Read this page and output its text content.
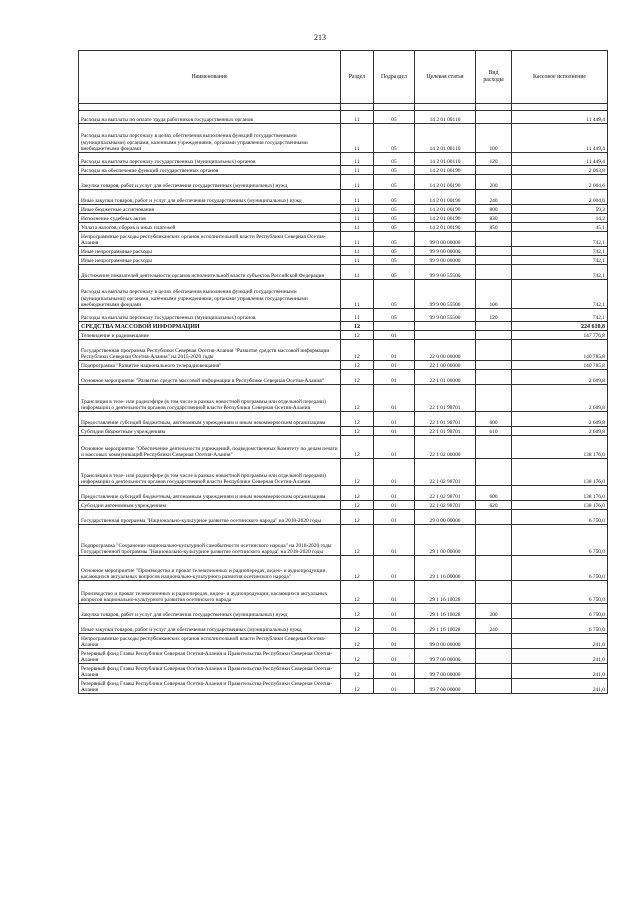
213
Наименование	Раздел	Подраздел	Целевая статья	Вид расходы	Кассовое исполнение

Расходы на выплаты по оплате труда работников государственных органов	11	05	14 2 01 00110		11 449,4
Расходы на выплаты персоналу в целях обеспечения выполнения функций государственными (муниципальными) органами, казенными учреждениями, органами управления государственными внебюджетными фондами	11	05	14 2 01 00110	100	11 449,4
Расходы на выплаты персоналу государственных (муниципальных) органов	11	05	14 2 01 00110	120	11 449,4
Расходы на обеспечение функций государственных органов	11	05	14 2 01 00190		2 063,8
Закупка товаров, работ и услуг для обеспечения государственных (муниципальных) нужд	11	05	14 2 01 00190	200	2 004,6
Иные закупки товаров, работ и услуг для обеспечения государственных (муниципальных) нужд	11	05	14 2 01 00190	240	2 004,6
Иные бюджетные ассигнования	11	05	14 2 01 00190	800	59,2
Исполнение судебных актов	11	05	14 2 01 00190	830	14,2
Уплата налогов, сборов и иных платежей	11	05	14 2 01 00190	850	45,1
Непрограммные расходы республиканских органов исполнительной власти Республики Северная Осетия-Алания	11	05	99 0 00 00000		742,1
Иные непрограммные расходы	11	05	99 9 00 00000		742,1
Иные непрограммные расходы	11	05	99 9 00 00000		742,1
Достижение показателей деятельности органов исполнительной власти субъектов Российской Федерации	11	05	99 9 00 55500		742,1
Расходы на выплаты персоналу в целях обеспечения выполнения функций государственными (муниципальными) органами, казенными учреждениями, органами управления государственными внебюджетными фондами	11	05	99 9 00 55500	100	742,1
Расходы на выплаты персоналу государственных (муниципальных) органов	11	05	99 9 00 55500	120	742,1
СРЕДСТВА МАССОВОЙ ИНФОРМАЦИИ	12				224 610,8
Телевидение и радиовещание	12	01			147 776,8
Государственная программа Республики Северная Осетия-Алания "Развитие средств массовой информации Республики Северная Осетия-Алания" на 2015-2020 годы	12	01	22 0 00 00000		140 785,8
Подпрограмма "Развитие национального телерадиовещания"	12	01	22 1 00 00000		140 785,8
Основное мероприятие "Развитие средств массовой информации в Республике Северная Осетия-Алания"	12	01	22 1 01 00000		2 609,8
Трансляция в теле- или радиоэфире (в том числе в рамках новостной программы или отдельной передачи) информации о деятельности органов государственной власти Республики Северная Осетия-Алания	12	01	22 1 01 98701		2 609,8
Предоставление субсидий бюджетным, автономным учреждениям и иным некоммерческим организациям	12	01	22 1 01 98701	600	2 609,8
Субсидии бюджетным учреждениям	12	01	22 1 01 98701	610	2 609,8
Основное мероприятие "Обеспечение деятельности учреждений, подведомственных Комитету по делам печати и массовых коммуникаций Республики Северная Осетия-Алания"	12	01	22 1 02 00000		138 176,0
Трансляция в теле- или радиоэфире (в том числе в рамках новостной программы или отдельной передачи) информации о деятельности органов государственной власти Республики Северная Осетия-Алания	12	01	22 1 02 98701		138 176,0
Предоставление субсидий бюджетным, автономным учреждениям и иным некоммерческим организациям	12	01	22 1 02 98701	600	138 176,0
Субсидии автономным учреждениям	12	01	22 1 02 98701	620	138 176,0
Государственная программа "Национально-культурное развитие осетинского народа" на 2018-2020 годы	12	01	29 0 00 00000		6 750,0
Подпрограмма "Сохранение национально-культурной самобытности осетинского народа" на 2018-2020 годы Государственной программы "Национально-культурное развитие осетинского народа" на 2018-2020 годы	12	01	29 1 00 00000		6 750,0
Основное мероприятие "Производство и прокат телевизионных и радиопередач, видео- и аудиопродукции, касающихся актуальных вопросов национально-культурного развития осетинского народа"	12	01	29 1 16 00000		6 750,0
Производство и прокат телевизионных и радиопередач, видео- и аудиопродукции, касающихся актуальных вопросов национально-культурного развития осетинского народа	12	01	29 1 16 10028		6 750,0
Закупка товаров, работ и услуг для обеспечения государственных (муниципальных) нужд	12	01	29 1 16 10028	200	6 750,0
Иные закупки товаров, работ и услуг для обеспечения государственных (муниципальных) нужд	12	01	29 1 16 10028	240	6 750,0
Непрограммные расходы республиканских органов исполнительной власти Республики Северная Осетия-Алания	12	01	99 0 00 00000		241,0
Резервный фонд Главы Республики Северная Осетия-Алания и Правительства Республики Северная Осетия-Алания	12	01	99 7 00 00000		241,0
Резервный фонд Главы Республики Северная Осетия-Алания и Правительства Республики Северная Осетия-Алания	12	01	99 7 00 00000		241,0
Резервный фонд Главы Республики Северная Осетия-Алания и Правительства Республики Северная Осетия-Алания	12	01	99 7 00 00000		241,0
